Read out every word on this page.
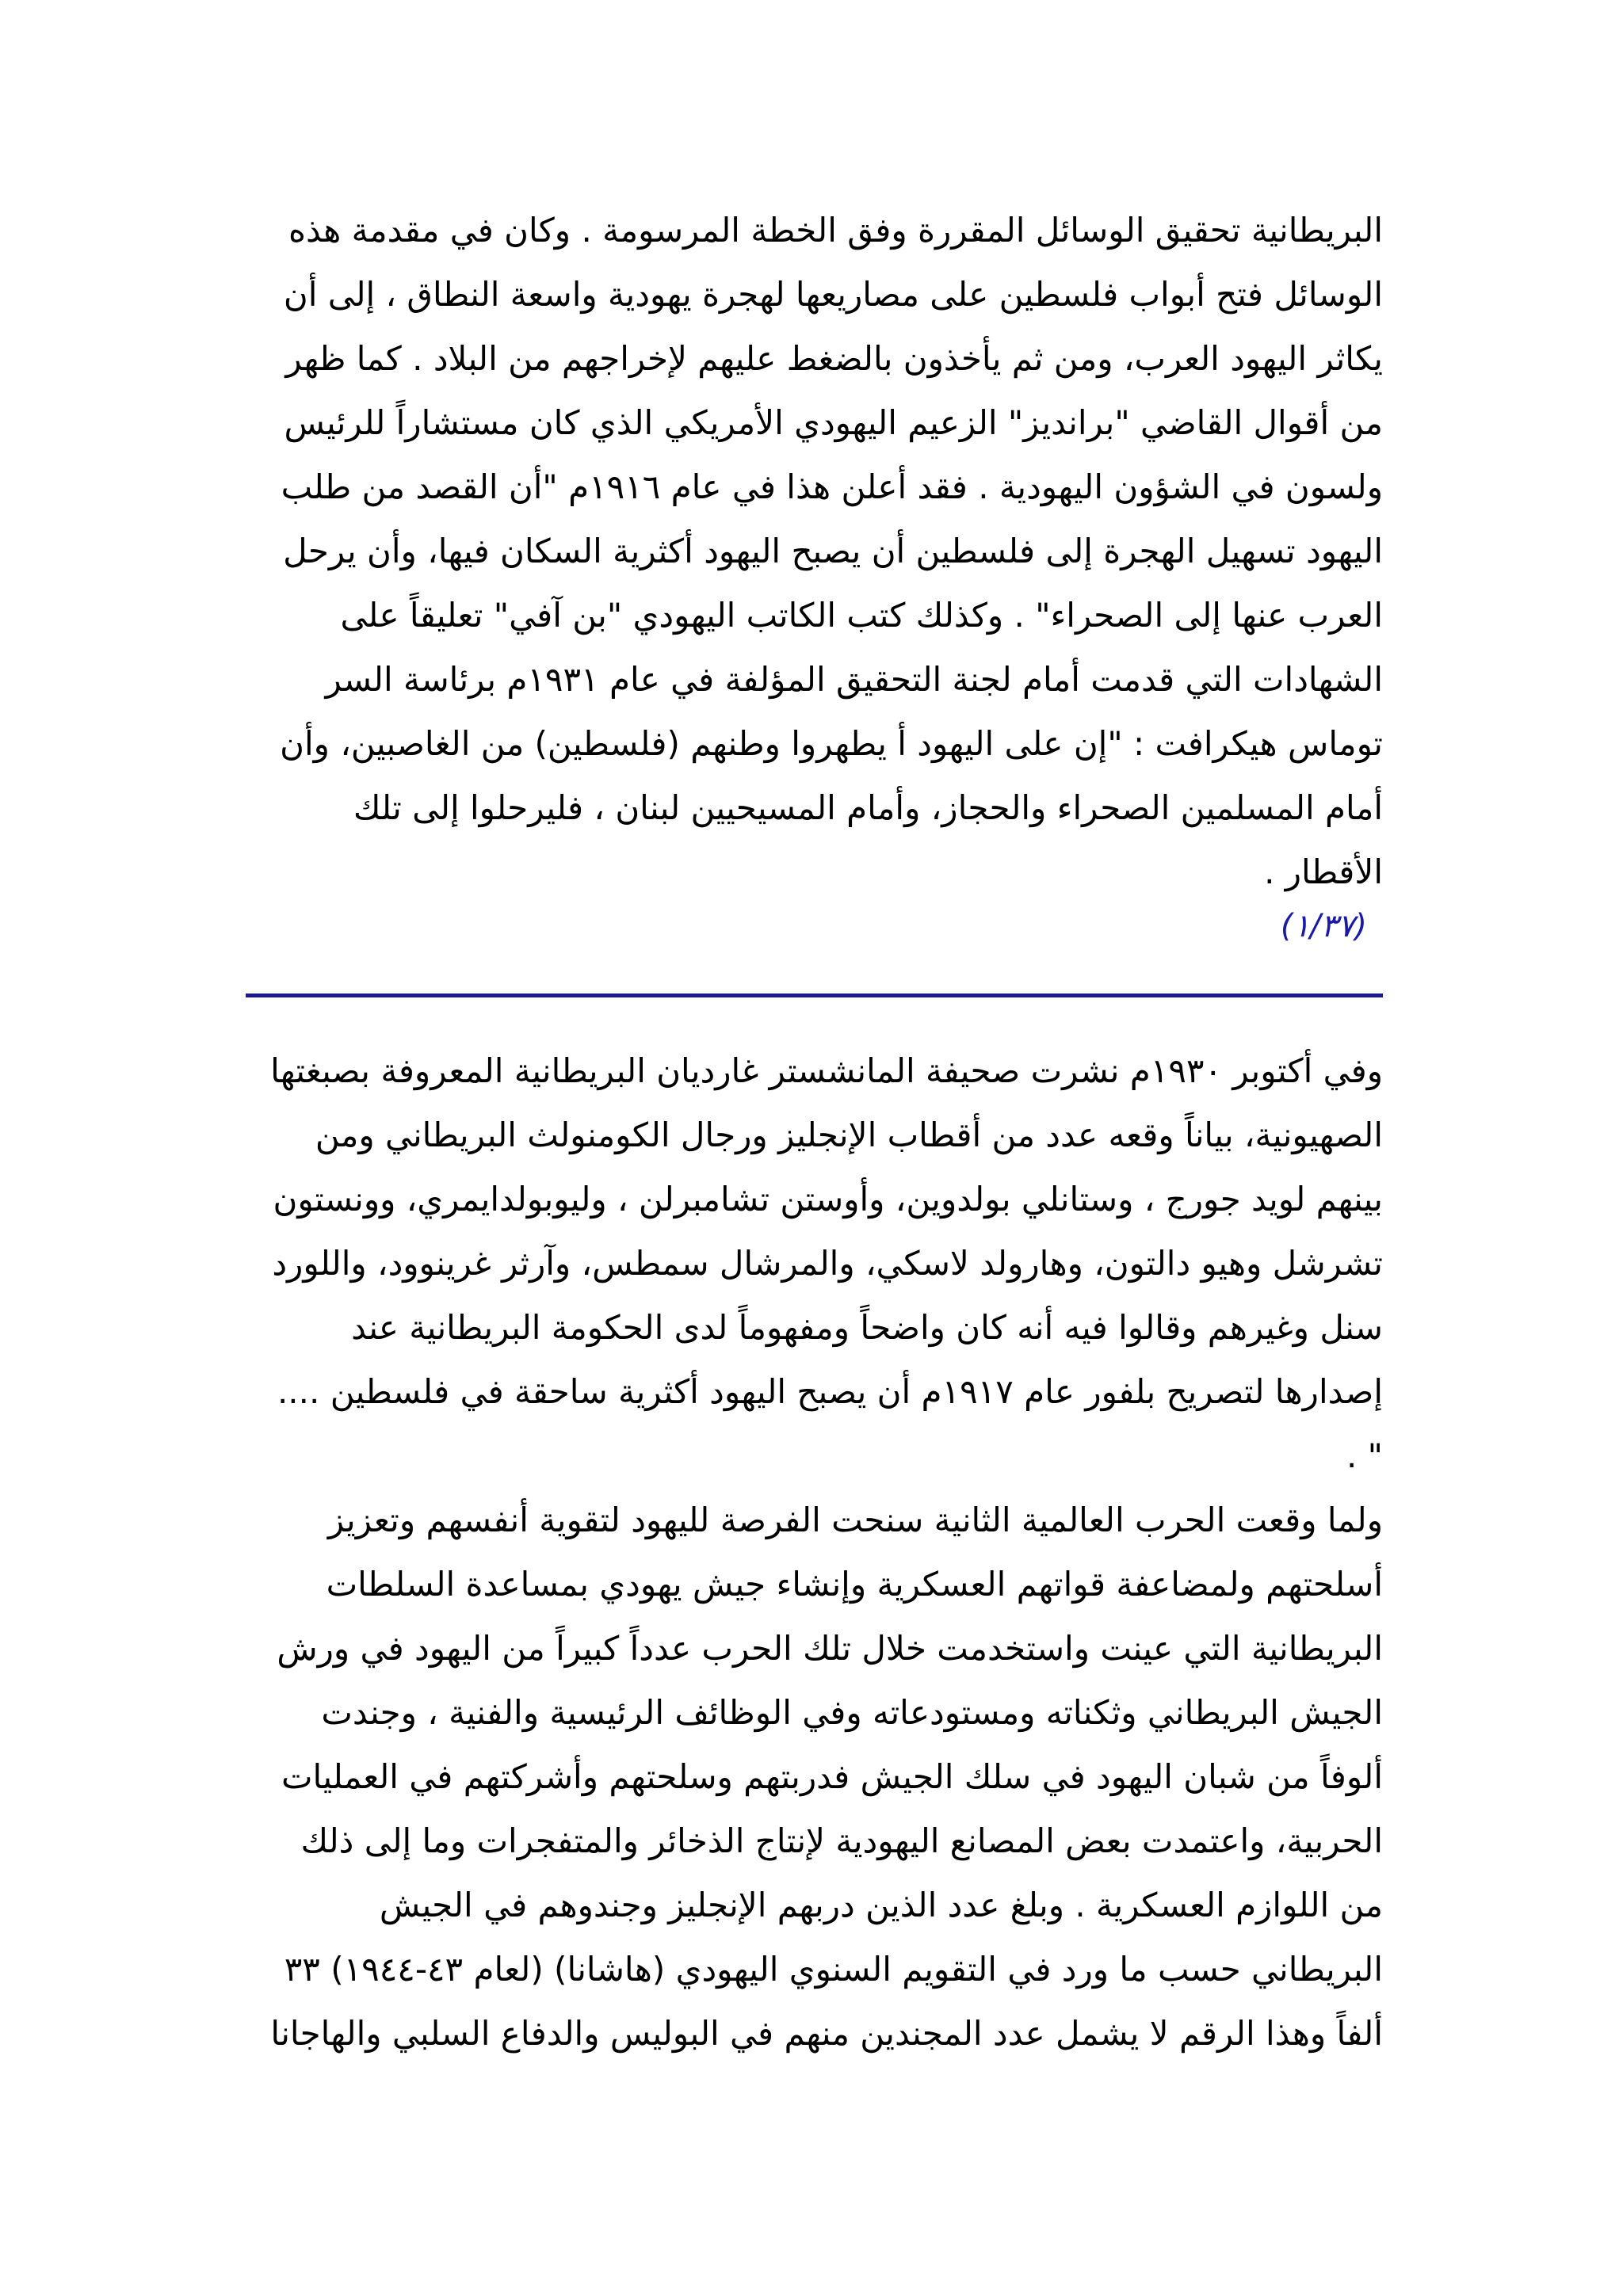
البريطانية تحقيق الوسائل المقررة وفق الخطة المرسومة . وكان في مقدمة هذه
الوسائل فتح أبواب فلسطين على مصاريعها لهجرة يهودية واسعة النطاق ، إلى أن
يكاثر اليهود العرب، ومن ثم يأخذون بالضغط عليهم لإخراجهم من البلاد . كما ظهر
من أقوال القاضي "برانديز" الزعيم اليهودي الأمريكي الذي كان مستشاراً للرئيس
ولسون في الشؤون اليهودية . فقد أعلن هذا في عام ١٩١٦م "أن القصد من طلب
اليهود تسهيل الهجرة إلى فلسطين أن يصبح اليهود أكثرية السكان فيها، وأن يرحل
العرب عنها إلى الصحراء" . وكذلك كتب الكاتب اليهودي "بن آفي" تعليقاً على
الشهادات التي قدمت أمام لجنة التحقيق المؤلفة في عام ١٩٣١م برئاسة السر
توماس هيكرافت : "إن على اليهود أ يطهروا وطنهم (فلسطين) من الغاصبين، وأن
أمام المسلمين الصحراء والحجاز، وأمام المسيحيين لبنان ، فليرحلوا إلى تلك
الأقطار .
(١/٣٧)
وفي أكتوبر ١٩٣٠م نشرت صحيفة المانشستر غارديان البريطانية المعروفة بصبغتها
الصهيونية، بياناً وقعه عدد من أقطاب الإنجليز ورجال الكومنولث البريطاني ومن
بينهم لويد جورج ، وستانلي بولدوين، وأوستن تشامبرلن ، وليوبولدايمري، وونستون
تشرشل وهيو دالتون، وهارولد لاسكي، والمرشال سمطس، وآرثر غرينوود، واللورد
سنل وغيرهم وقالوا فيه أنه كان واضحاً ومفهوماً لدى الحكومة البريطانية عند
إصدارها لتصريح بلفور عام ١٩١٧م أن يصبح اليهود أكثرية ساحقة في فلسطين ....
" .
ولما وقعت الحرب العالمية الثانية سنحت الفرصة لليهود لتقوية أنفسهم وتعزيز
أسلحتهم ولمضاعفة قواتهم العسكرية وإنشاء جيش يهودي بمساعدة السلطات
البريطانية التي عينت واستخدمت خلال تلك الحرب عدداً كبيراً من اليهود في ورش
الجيش البريطاني وثكناته ومستودعاته وفي الوظائف الرئيسية والفنية ، وجندت
ألوفاً من شبان اليهود في سلك الجيش فدربتهم وسلحتهم وأشركتهم في العمليات
الحربية، واعتمدت بعض المصانع اليهودية لإنتاج الذخائر والمتفجرات وما إلى ذلك
من اللوازم العسكرية . وبلغ عدد الذين دربهم الإنجليز وجندوهم في الجيش
البريطاني حسب ما ورد في التقويم السنوي اليهودي (هاشانا) (لعام ٤٣-١٩٤٤) ٣٣
ألفاً وهذا الرقم لا يشمل عدد المجندين منهم في البوليس والدفاع السلبي والهاجانا
